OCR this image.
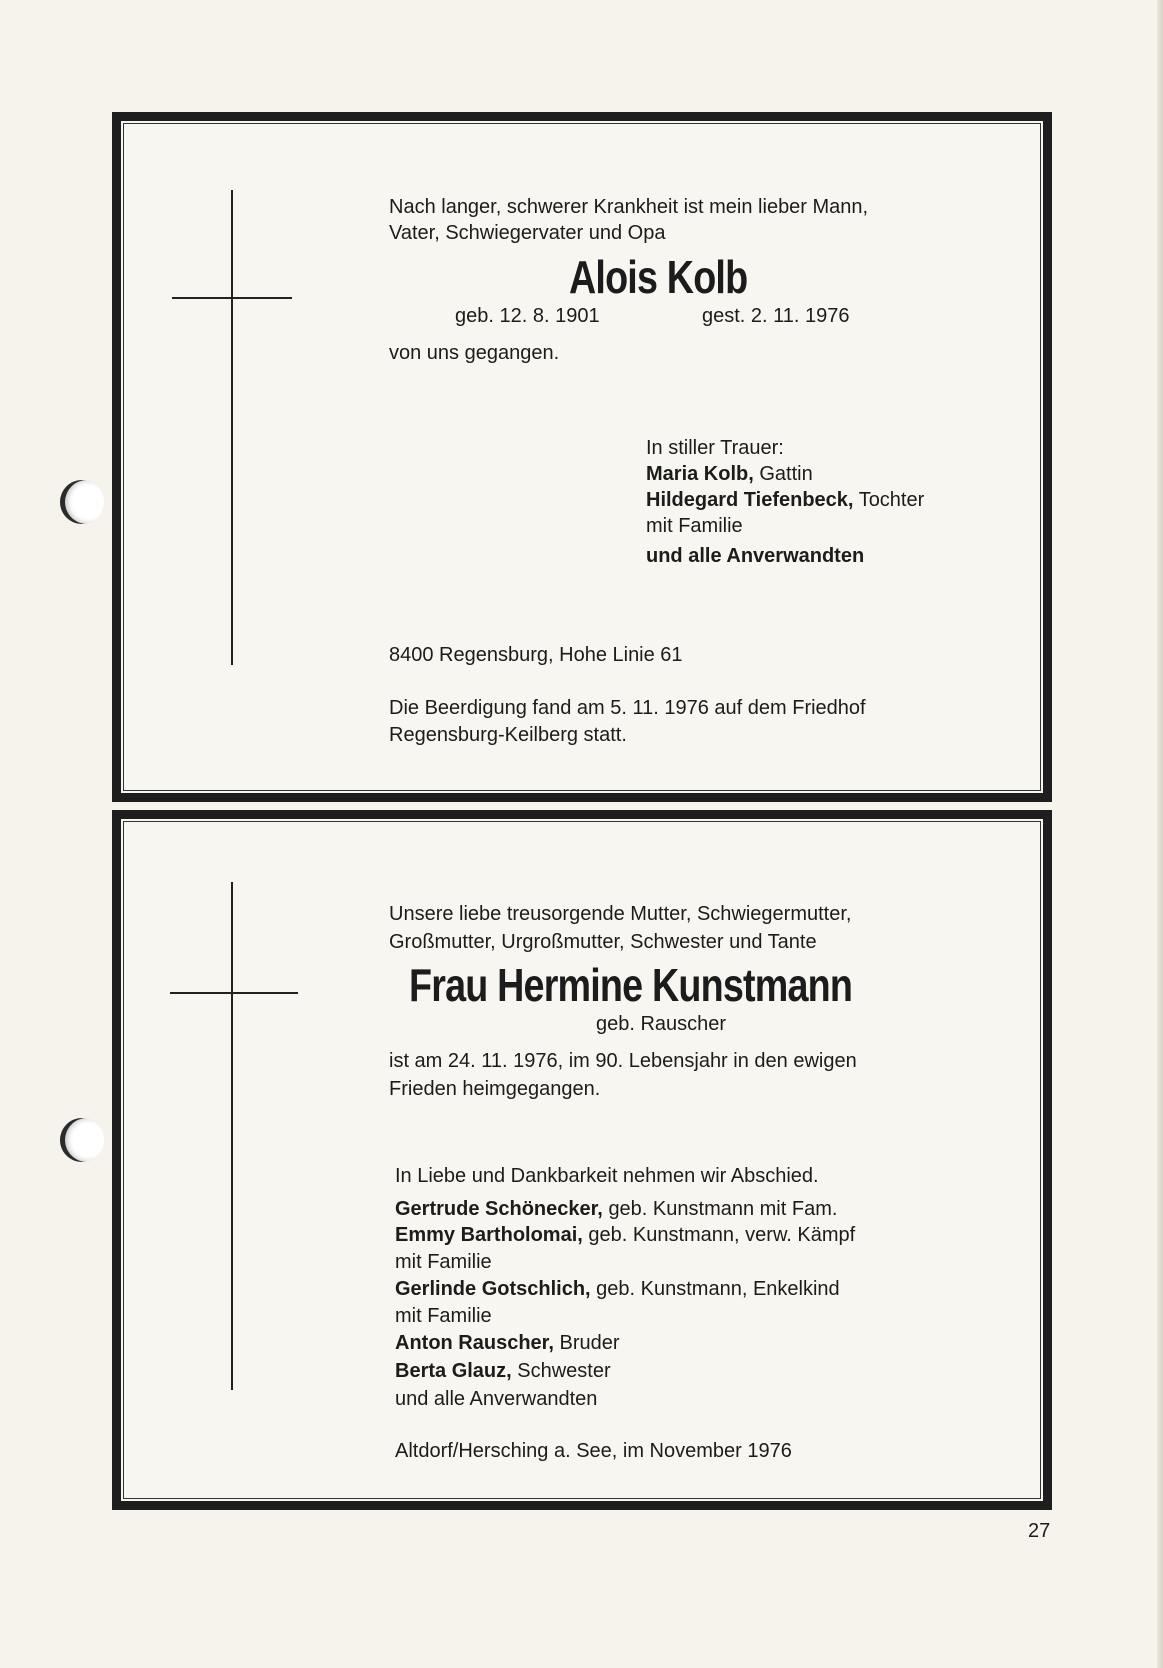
Nach langer, schwerer Krankheit ist mein lieber Mann,
Vater, Schwiegervater und Opa
Alois Kolb
geb. 12. 8. 1901	gest. 2. 11. 1976
von uns gegangen.
In stiller Trauer:
Maria Kolb, Gattin
Hildegard Tiefenbeck, Tochter
mit Familie
und alle Anverwandten
8400 Regensburg, Hohe Linie 61
Die Beerdigung fand am 5. 11. 1976 auf dem Friedhof
Regensburg-Keilberg statt.
Unsere liebe treusorgende Mutter, Schwiegermutter,
Großmutter, Urgroßmutter, Schwester und Tante
Frau Hermine Kunstmann
geb. Rauscher
ist am 24. 11. 1976, im 90. Lebensjahr in den ewigen
Frieden heimgegangen.
In Liebe und Dankbarkeit nehmen wir Abschied.
Gertrude Schönecker, geb. Kunstmann mit Fam.
Emmy Bartholomai, geb. Kunstmann, verw. Kämpf
mit Familie
Gerlinde Gotschlich, geb. Kunstmann, Enkelkind
mit Familie
Anton Rauscher, Bruder
Berta Glauz, Schwester
und alle Anverwandten
Altdorf/Hersching a. See, im November 1976
27
